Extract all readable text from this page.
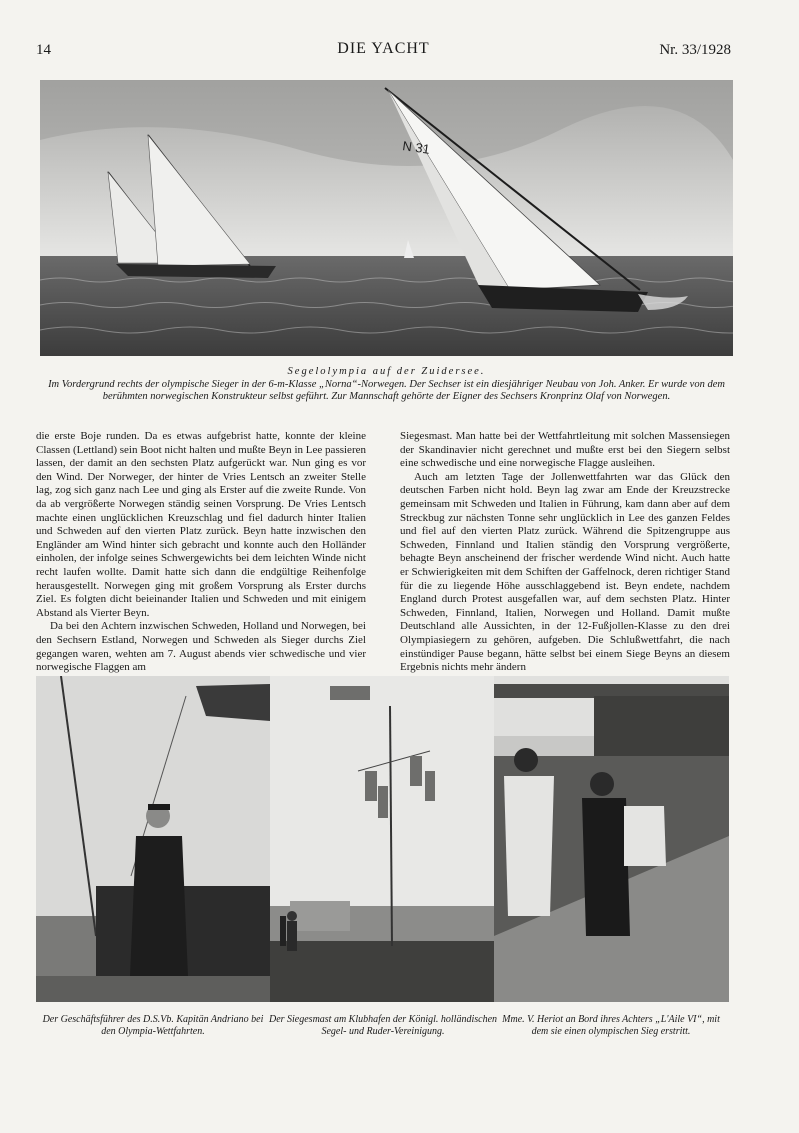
14	DIE YACHT	Nr. 33/1928
N 31
Segelolympia auf der Zuidersee.
Im Vordergrund rechts der olympische Sieger in der 6-m-Klasse „Norna“-Norwegen. Der Sechser ist ein diesjähriger Neubau von Joh. Anker. Er wurde von dem berühmten norwegischen Konstrukteur selbst geführt. Zur Mannschaft gehörte der Eigner des Sechsers Kronprinz Olaf von Norwegen.

die erste Boje runden. Da es etwas aufgebrist hatte, konnte der kleine Classen (Lettland) sein Boot nicht halten und mußte Beyn in Lee passieren lassen, der damit an den sechsten Platz aufgerückt war. Nun ging es vor den Wind. Der Norweger, der hinter de Vries Lentsch an zweiter Stelle lag, zog sich ganz nach Lee und ging als Erster auf die zweite Runde. Von da ab vergrößerte Norwegen ständig seinen Vorsprung. De Vries Lentsch machte einen unglücklichen Kreuzschlag und fiel dadurch hinter Italien und Schweden auf den vierten Platz zurück. Beyn hatte inzwischen den Engländer am Wind hinter sich gebracht und konnte auch den Holländer einholen, der infolge seines Schwergewichts bei dem leichten Winde nicht recht laufen wollte. Damit hatte sich dann die endgültige Reihenfolge herausgestellt. Norwegen ging mit großem Vorsprung als Erster durchs Ziel. Es folgten dicht beieinander Italien und Schweden und mit einigem Abstand als Vierter Beyn.

Da bei den Achtern inzwischen Schweden, Holland und Norwegen, bei den Sechsern Estland, Norwegen und Schweden als Sieger durchs Ziel gegangen waren, wehten am 7. August abends vier schwedische und vier norwegische Flaggen am

Siegesmast. Man hatte bei der Wettfahrtleitung mit solchen Massensiegen der Skandinavier nicht gerechnet und mußte erst bei den Siegern selbst eine schwedische und eine norwegische Flagge ausleihen.

Auch am letzten Tage der Jollenwettfahrten war das Glück den deutschen Farben nicht hold. Beyn lag zwar am Ende der Kreuzstrecke gemeinsam mit Schweden und Italien in Führung, kam dann aber auf dem Streckbug zur nächsten Tonne sehr unglücklich in Lee des ganzen Feldes und fiel auf den vierten Platz zurück. Während die Spitzengruppe aus Schweden, Finnland und Italien ständig den Vorsprung vergrößerte, behagte Beyn anscheinend der frischer werdende Wind nicht. Auch hatte er Schwierigkeiten mit dem Schiften der Gaffelnock, deren richtiger Stand für die zu liegende Höhe ausschlaggebend ist. Beyn endete, nachdem England durch Protest ausgefallen war, auf dem sechsten Platz. Hinter Schweden, Finnland, Italien, Norwegen und Holland. Damit mußte Deutschland alle Aussichten, in der 12-Fußjollen-Klasse zu den drei Olympiasiegern zu gehören, aufgeben. Die Schlußwettfahrt, die nach einstündiger Pause begann, hätte selbst bei einem Siege Beyns an diesem Ergebnis nichts mehr ändern

Der Geschäftsführer des D.S.Vb. Kapitän Andriano bei den Olympia-Wettfahrten.
Der Siegesmast am Klubhafen der Königl. holländischen Segel- und Ruder-Vereinigung.
Mme. V. Heriot an Bord ihres Achters „L'Aile VI“, mit dem sie einen olympischen Sieg erstritt.
